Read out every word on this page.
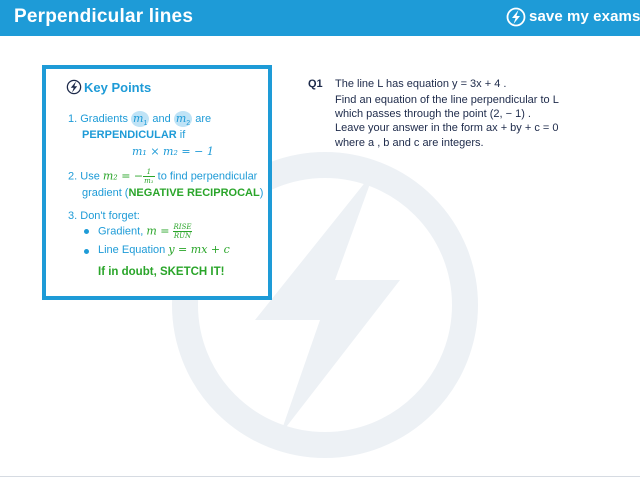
Perpendicular lines	save my exams
Key Points
1. Gradients $m_1$ and $m_2$ are
PERPENDICULAR if
m₁ × m₂ = − 1
2. Use m₂ = − $\frac{1}{\text{m₁}}$ to find perpendicular
gradient (NEGATIVE RECIPROCAL)
3. Don't forget:
Gradient, $m = \frac{\text{RISE}}{\text{RUN}}$
Line Equation y = mx + c
If in doubt, SKETCH IT!
Q1 The line L has equation y = 3x + 4 .
Find an equation of the line perpendicular to L
which passes through the point (2, − 1) .
Leave your answer in the form ax + by + c = 0
where a , b and c are integers.
